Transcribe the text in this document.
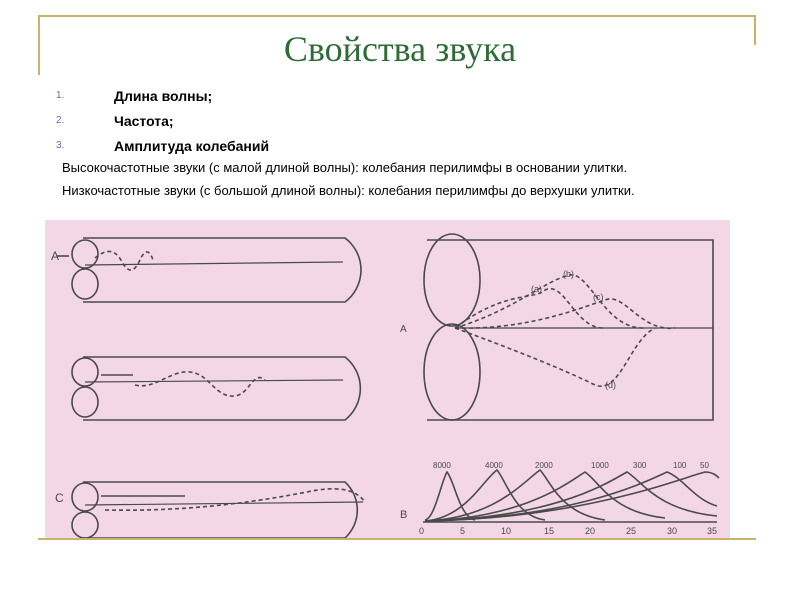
Свойства звука
1.	Длина волны;
2.	Частота;
3.	Амплитуда колебаний
Высокочастотные звуки (с малой длиной волны): колебания перилимфы в основании улитки.
Низкочастотные звуки (с большой длиной волны): колебания перилимфы до верхушки улитки.
A
C
A
B
(a)
(b)
(c)
(d)
8000	4000	2000	1000	300	100 50
0	5	10	15	20	25	30	35
